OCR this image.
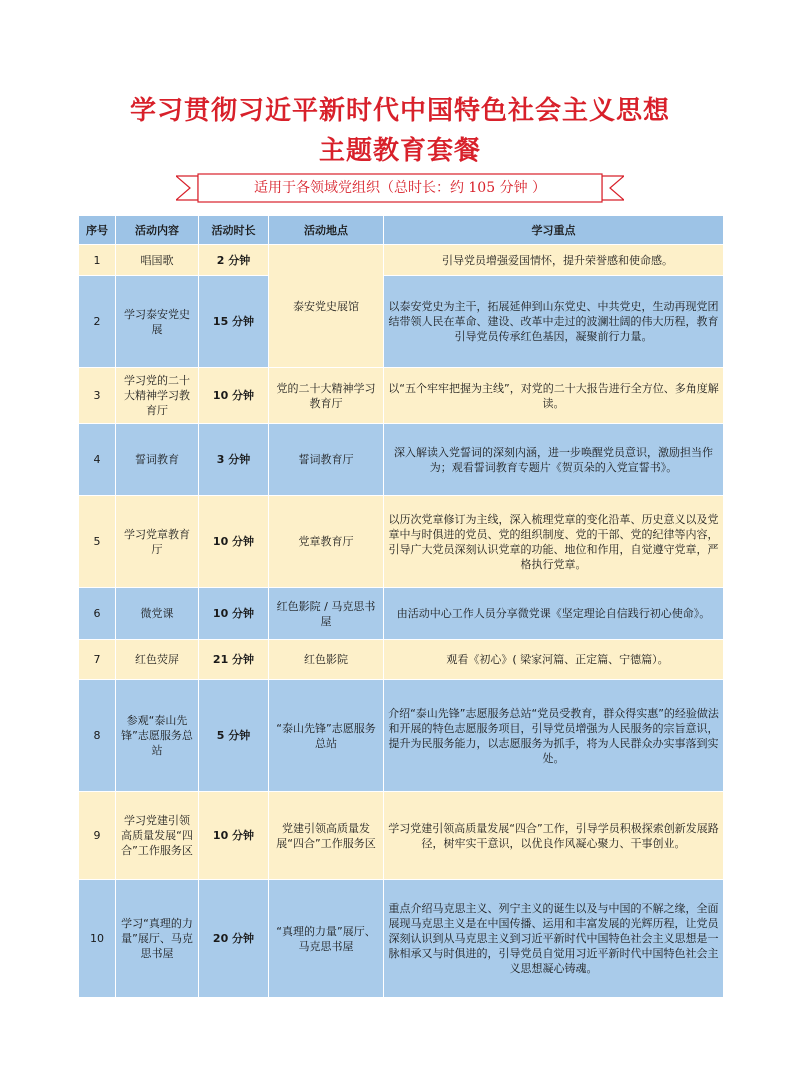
学习贯彻习近平新时代中国特色社会主义思想
主题教育套餐
适用于各领域党组织（总时长：约 105 分钟 ）
序号	活动内容	活动时长	活动地点	学习重点
1	唱国歌	2 分钟	泰安党史展馆	引导党员增强爱国情怀，提升荣誉感和使命感。
2	学习泰安党史展	15 分钟		以泰安党史为主干，拓展延伸到山东党史、中共党史，生动再现党团结带领人民在革命、建设、改革中走过的波澜壮阔的伟大历程，教育引导党员传承红色基因，凝聚前行力量。
3	学习党的二十大精神学习教育厅	10 分钟	党的二十大精神学习教育厅	以“五个牢牢把握为主线”，对党的二十大报告进行全方位、多角度解读。
4	誓词教育	3 分钟	誓词教育厅	深入解读入党誓词的深刻内涵，进一步唤醒党员意识，激励担当作为；观看誓词教育专题片《贺页朵的入党宣誓书》。
5	学习党章教育厅	10 分钟	党章教育厅	以历次党章修订为主线，深入梳理党章的变化沿革、历史意义以及党章中与时俱进的党员、党的组织制度、党的干部、党的纪律等内容，引导广大党员深刻认识党章的功能、地位和作用，自觉遵守党章，严格执行党章。
6	微党课	10 分钟	红色影院 / 马克思书屋	由活动中心工作人员分享微党课《坚定理论自信践行初心使命》。
7	红色荧屏	21 分钟	红色影院	观看《初心》( 梁家河篇、正定篇、宁德篇）。
8	参观“泰山先锋”志愿服务总站	5 分钟	“泰山先锋”志愿服务总站	介绍“泰山先锋”志愿服务总站“党员受教育，群众得实惠”的经验做法和开展的特色志愿服务项目，引导党员增强为人民服务的宗旨意识，提升为民服务能力，以志愿服务为抓手，将为人民群众办实事落到实处。
9	学习党建引领高质量发展“四合”工作服务区	10 分钟	党建引领高质量发展“四合”工作服务区	学习党建引领高质量发展“四合”工作，引导学员积极探索创新发展路径，树牢实干意识，以优良作风凝心聚力、干事创业。
10	学习“真理的力量”展厅、马克思书屋	20 分钟	“真理的力量”展厅、马克思书屋	重点介绍马克思主义、列宁主义的诞生以及与中国的不解之缘，全面展现马克思主义是在中国传播、运用和丰富发展的光辉历程，让党员深刻认识到从马克思主义到习近平新时代中国特色社会主义思想是一脉相承又与时俱进的，引导党员自觉用习近平新时代中国特色社会主义思想凝心铸魂。
